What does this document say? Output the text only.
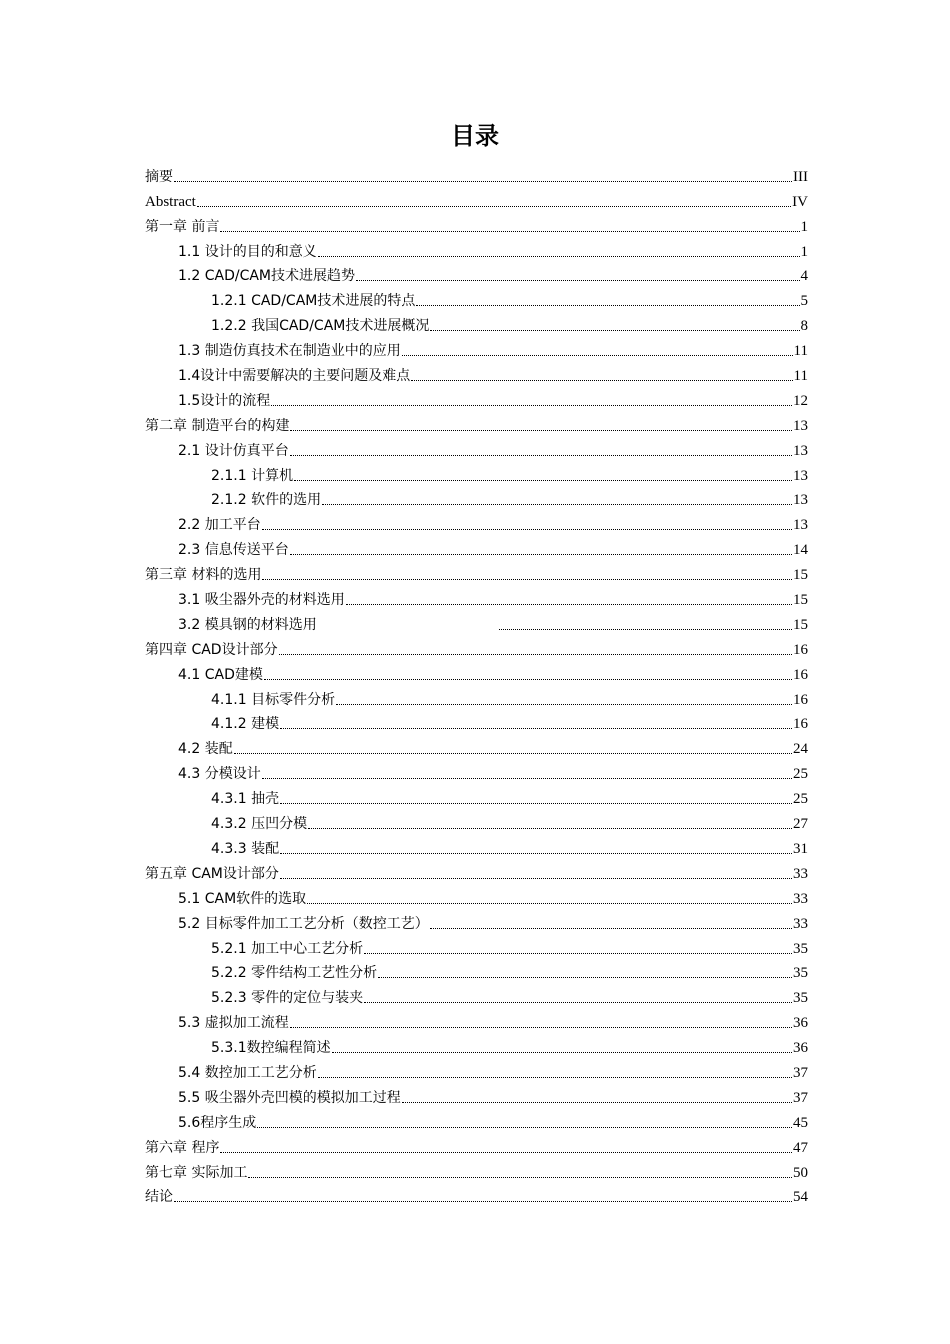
目录
摘要	III
Abstract	IV
第一章 前言	1
1.1 设计的目的和意义	1
1.2 CAD/CAM技术进展趋势	4
1.2.1 CAD/CAM技术进展的特点	5
1.2.2 我国CAD/CAM技术进展概况	8
1.3 制造仿真技术在制造业中的应用	11
1.4设计中需要解决的主要问题及难点	11
1.5设计的流程	12
第二章 制造平台的构建	13
2.1 设计仿真平台	13
2.1.1 计算机	13
2.1.2 软件的选用	13
2.2 加工平台	13
2.3 信息传送平台	14
第三章 材料的选用	15
3.1 吸尘器外壳的材料选用	15
3.2 模具钢的材料选用	15
第四章 CAD设计部分	16
4.1 CAD建模	16
4.1.1 目标零件分析	16
4.1.2 建模	16
4.2 装配	24
4.3 分模设计	25
4.3.1 抽壳	25
4.3.2 压凹分模	27
4.3.3 装配	31
第五章 CAM设计部分	33
5.1 CAM软件的选取	33
5.2 目标零件加工工艺分析（数控工艺）	33
5.2.1 加工中心工艺分析	35
5.2.2 零件结构工艺性分析	35
5.2.3 零件的定位与装夹	35
5.3 虚拟加工流程	36
5.3.1数控编程简述	36
5.4 数控加工工艺分析	37
5.5 吸尘器外壳凹模的模拟加工过程	37
5.6程序生成	45
第六章 程序	47
第七章 实际加工	50
结论	54
